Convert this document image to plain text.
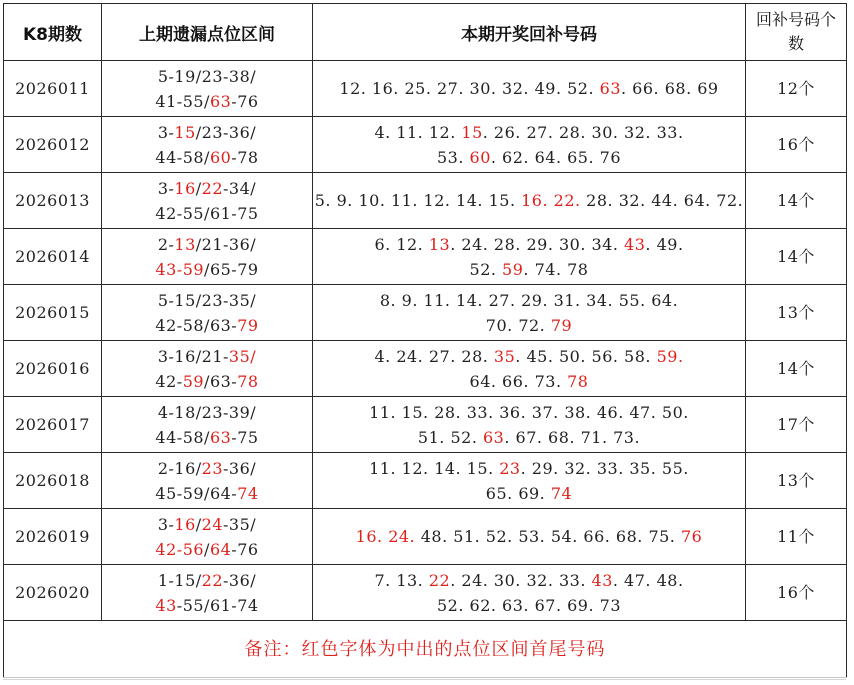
K8期数	上期遗漏点位区间	本期开奖回补号码	回补号码个数
2026011	5-19/23-38/
41-55/63-76	12. 16. 25. 27. 30. 32. 49. 52. 63. 66. 68. 69	12个
2026012	3-15/23-36/
44-58/60-78	4. 11. 12. 15. 26. 27. 28. 30. 32. 33.
53. 60. 62. 64. 65. 76	16个
2026013	3-16/22-34/
42-55/61-75	5. 9. 10. 11. 12. 14. 15. 16. 22. 28. 32. 44. 64. 72.	14个
2026014	2-13/21-36/
43-59/65-79	6. 12. 13. 24. 28. 29. 30. 34. 43. 49.
52. 59. 74. 78	14个
2026015	5-15/23-35/
42-58/63-79	8. 9. 11. 14. 27. 29. 31. 34. 55. 64.
70. 72. 79	13个
2026016	3-16/21-35/
42-59/63-78	4. 24. 27. 28. 35. 45. 50. 56. 58. 59.
64. 66. 73. 78	14个
2026017	4-18/23-39/
44-58/63-75	11. 15. 28. 33. 36. 37. 38. 46. 47. 50.
51. 52. 63. 67. 68. 71. 73.	17个
2026018	2-16/23-36/
45-59/64-74	11. 12. 14. 15. 23. 29. 32. 33. 35. 55.
65. 69. 74	13个
2026019	3-16/24-35/
42-56/64-76	16. 24. 48. 51. 52. 53. 54. 66. 68. 75. 76	11个
2026020	1-15/22-36/
43-55/61-74	7. 13. 22. 24. 30. 32. 33. 43. 47. 48.
52. 62. 63. 67. 69. 73	16个
备注：红色字体为中出的点位区间首尾号码			
